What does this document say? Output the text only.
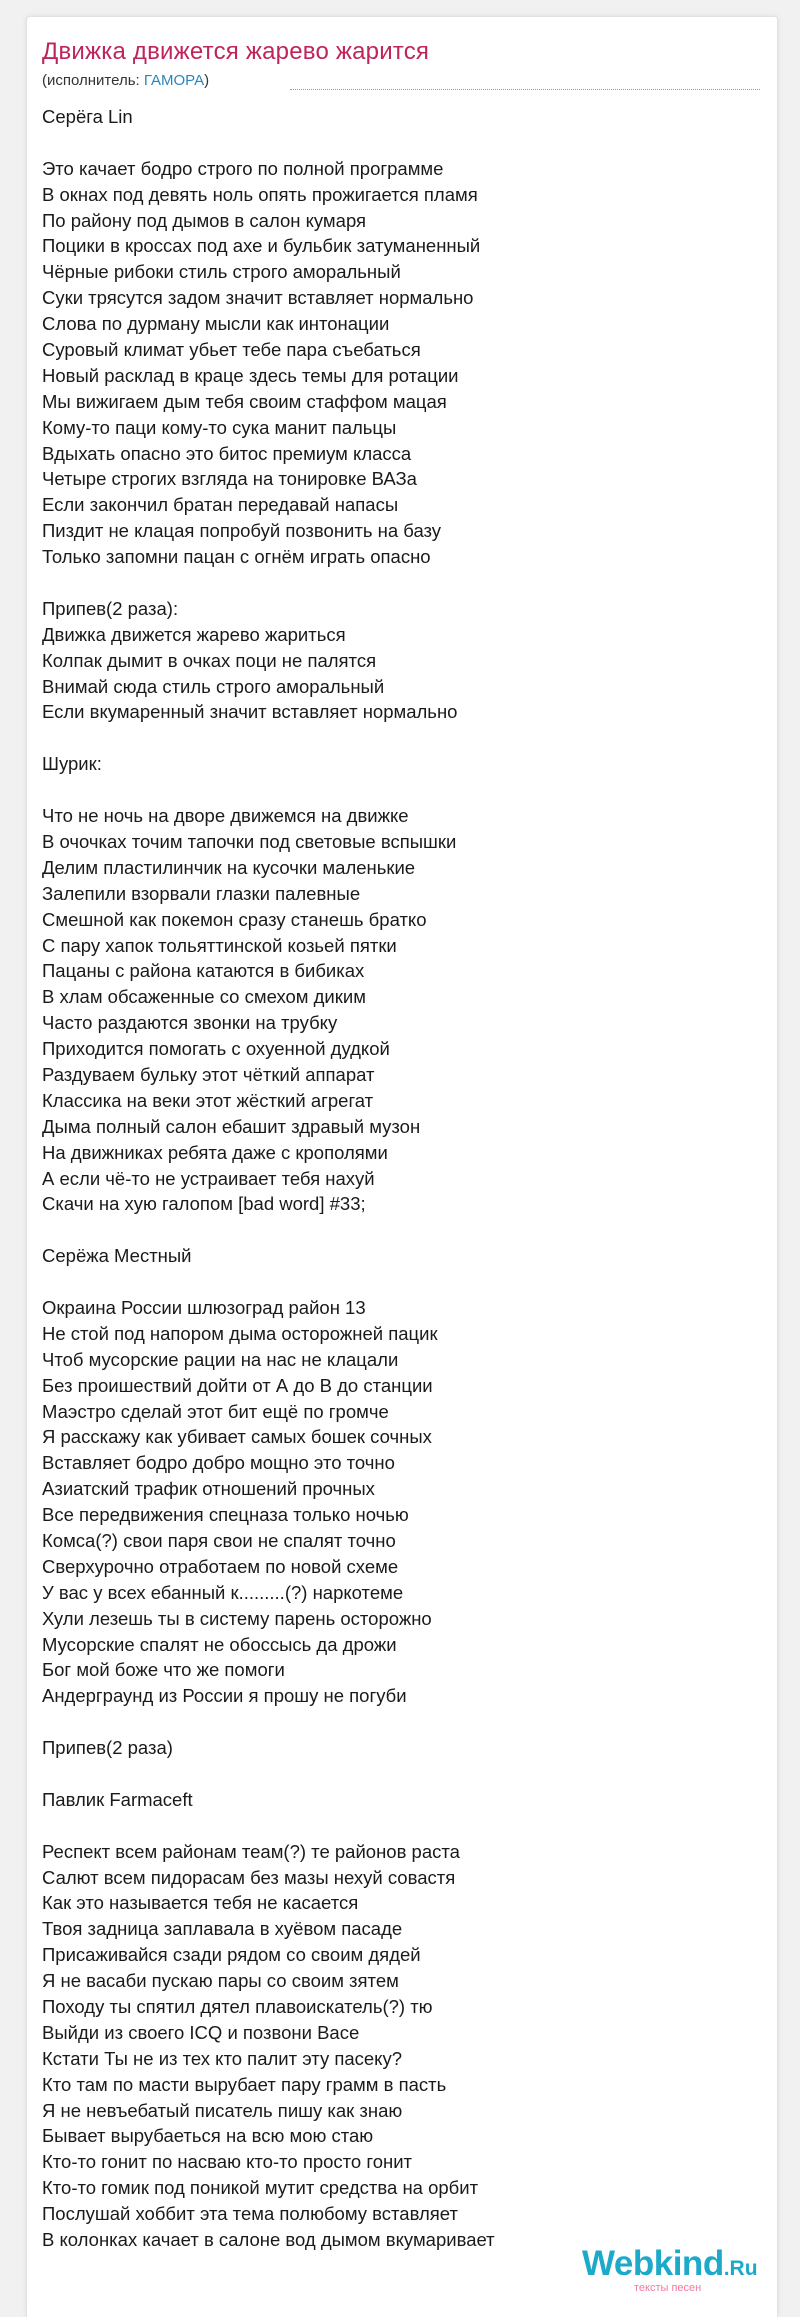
Движка движется жарево жарится
(исполнитель: ГАМОРА)
Серёга Lin
Это качает бодро строго по полной программе
В окнах под девять ноль опять прожигается пламя
По району под дымов в салон кумаря
Поцики в кроссах под ахе и бульбик затуманенный
Чёрные рибоки стиль строго аморальный
Суки трясутся задом значит вставляет нормально
Слова по дурману мысли как интонации
Суровый климат убьет тебе пара съебаться
Новый расклад в краце здесь темы для ротации
Мы вижигаем дым тебя своим стаффом мацая
Кому-то паци кому-то сука манит пальцы
Вдыхать опасно это битос премиум класса
Четыре строгих взгляда на тонировке ВАЗа
Если закончил братан передавай напасы
Пиздит не клацая попробуй позвонить на базу
Только запомни пацан с огнём играть опасно
Припев(2 раза):
Движка движется жарево жариться
Колпак дымит в очках поци не палятся
Внимай сюда стиль строго аморальный
Если вкумаренный значит вставляет нормально
Шурик:
Что не ночь на дворе движемся на движке
В очочках точим тапочки под световые вспышки
Делим пластилинчик на кусочки маленькие
Залепили взорвали глазки палевные
Смешной как покемон сразу станешь братко
С пару хапок тольяттинской козьей пятки
Пацаны с района катаются в бибиках
В хлам обсаженные со смехом диким
Часто раздаются звонки на трубку
Приходится помогать с охуенной дудкой
Раздуваем бульку этот чёткий аппарат
Классика на веки этот жёсткий агрегат
Дыма полный салон ебашит здравый музон
На движниках ребята даже с крополями
А если чё-то не устраивает тебя нахуй
Скачи на хую галопом [bad word] #33;
Серёжа Местный
Окраина России шлюзоград район 13
Не стой под напором дыма осторожней пацик
Чтоб мусорские рации на нас не клацали
Без проишествий дойти от А до В до станции
Маэстро сделай этот бит ещё по громче
Я расскажу как убивает самых бошек сочных
Вставляет бодро добро мощно это точно
Азиатский трафик отношений прочных
Все передвижения спецназа только ночью
Комса(?) свои паря свои не спалят точно
Сверхурочно отработаем по новой схеме
У вас у всех ебанный к.........(?) наркотеме
Хули лезешь ты в систему парень осторожно
Мусорские спалят не обоссысь да дрожи
Бог мой боже что же помоги
Андерграунд из России я прошу не погуби
Припев(2 раза)
Павлик Farmaceft
Респект всем районам теам(?) те районов раста
Салют всем пидорасам без мазы нехуй совастя
Как это называется тебя не касается
Твоя задница заплавала в хуёвом пасаде
Присаживайся сзади рядом со своим дядей
Я не васаби пускаю пары со своим зятем
Походу ты спятил дятел плавоискатель(?) тю
Выйди из своего ICQ и позвони Васе
Кстати Ты не из тех кто палит эту пасеку?
Кто там по масти вырубает пару грамм в пасть
Я не невъебатый писатель пишу как знаю
Бывает вырубаеться на всю мою стаю
Кто-то гонит по насваю кто-то просто гонит
Кто-то гомик под поникой мутит средства на орбит
Послушай хоббит эта тема полюбому вставляет
В колонках качает в салоне вод дымом вкумаривает
Webkind.Ru
тексты песен
